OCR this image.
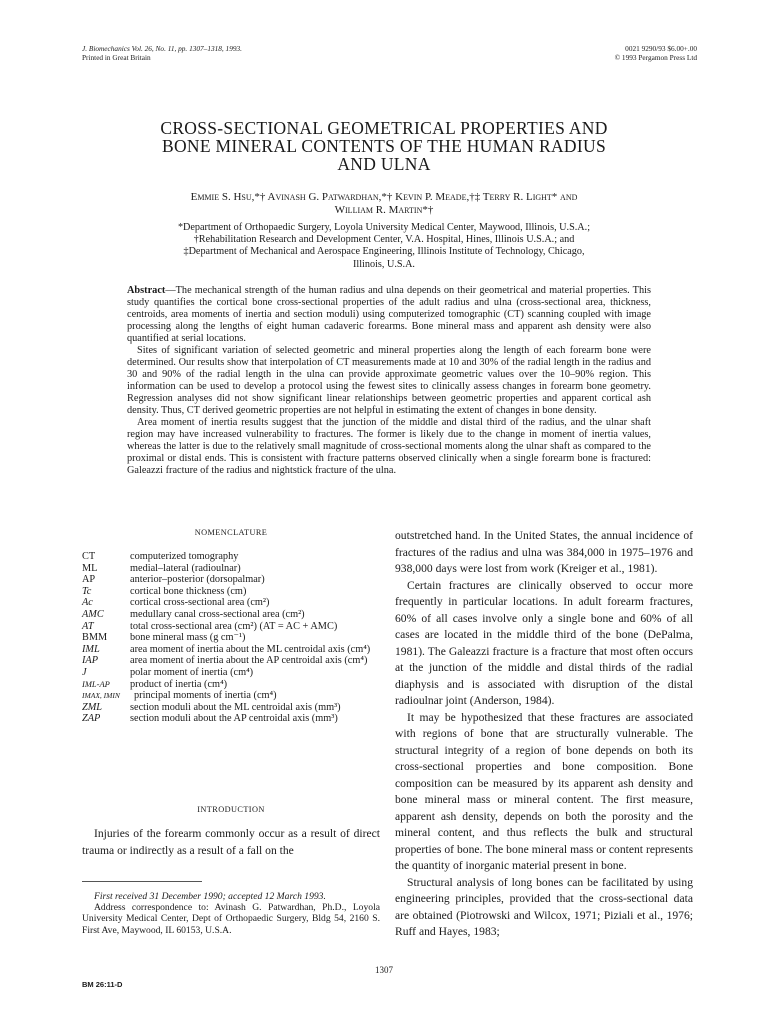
J. Biomechanics Vol. 26, No. 11, pp. 1307–1318, 1993.
Printed in Great Britain
0021 9290/93 $6.00+.00
© 1993 Pergamon Press Ltd
CROSS-SECTIONAL GEOMETRICAL PROPERTIES AND
BONE MINERAL CONTENTS OF THE HUMAN RADIUS
AND ULNA
Emmie S. Hsu,*† Avinash G. Patwardhan,*† Kevin P. Meade,†‡ Terry R. Light* and
William R. Martin*†
*Department of Orthopaedic Surgery, Loyola University Medical Center, Maywood, Illinois, U.S.A.;
†Rehabilitation Research and Development Center, V.A. Hospital, Hines, Illinois U.S.A.; and
‡Department of Mechanical and Aerospace Engineering, Illinois Institute of Technology, Chicago,
Illinois, U.S.A.

Abstract—The mechanical strength of the human radius and ulna depends on their geometrical and material properties. This study quantifies the cortical bone cross-sectional properties of the adult radius and ulna (cross-sectional area, thickness, centroids, area moments of inertia and section moduli) using computerized tomographic (CT) scanning coupled with image processing along the lengths of eight human cadaveric forearms. Bone mineral mass and apparent ash density were also quantified at serial locations.

Sites of significant variation of selected geometric and mineral properties along the length of each forearm bone were determined. Our results show that interpolation of CT measurements made at 10 and 30% of the radial length in the radius and 30 and 90% of the radial length in the ulna can provide approximate geometric values over the 10–90% region. This information can be used to develop a protocol using the fewest sites to clinically assess changes in forearm bone geometry. Regression analyses did not show significant linear relationships between geometric properties and apparent cortical ash density. Thus, CT derived geometric properties are not helpful in estimating the extent of changes in bone density.

Area moment of inertia results suggest that the junction of the middle and distal third of the radius, and the ulnar shaft region may have increased vulnerability to fractures. The former is likely due to the change in moment of inertia values, whereas the latter is due to the relatively small magnitude of cross-sectional moments along the ulnar shaft as compared to the proximal or distal ends. This is consistent with fracture patterns observed clinically when a single forearm bone is fractured: Galeazzi fracture of the radius and nightstick fracture of the ulna.

NOMENCLATURE
CT	computerized tomography
ML	medial–lateral (radioulnar)
AP	anterior–posterior (dorsopalmar)
Tc	cortical bone thickness (cm)
Ac	cortical cross-sectional area (cm²)
AMC	medullary canal cross-sectional area (cm²)
AT	total cross-sectional area (cm²) (AT = AC + AMC)
BMM	bone mineral mass (g cm⁻¹)
IML	area moment of inertia about the ML centroidal axis (cm⁴)
IAP	area moment of inertia about the AP centroidal axis (cm⁴)
J	polar moment of inertia (cm⁴)
IML-AP	product of inertia (cm⁴)
IMAX, IMIN	principal moments of inertia (cm⁴)
ZML	section moduli about the ML centroidal axis (mm³)
ZAP	section moduli about the AP centroidal axis (mm³)
INTRODUCTION

Injuries of the forearm commonly occur as a result of direct trauma or indirectly as a result of a fall on the

First received 31 December 1990; accepted 12 March 1993.
Address correspondence to: Avinash G. Patwardhan, Ph.D., Loyola University Medical Center, Dept of Orthopaedic Surgery, Bldg 54, 2160 S. First Ave, Maywood, IL 60153, U.S.A.

outstretched hand. In the United States, the annual incidence of fractures of the radius and ulna was 384,000 in 1975–1976 and 938,000 days were lost from work (Kreiger et al., 1981).

Certain fractures are clinically observed to occur more frequently in particular locations. In adult forearm fractures, 60% of all cases involve only a single bone and 60% of all cases are located in the middle third of the bone (DePalma, 1981). The Galeazzi fracture is a fracture that most often occurs at the junction of the middle and distal thirds of the radial diaphysis and is associated with disruption of the distal radioulnar joint (Anderson, 1984).

It may be hypothesized that these fractures are associated with regions of bone that are structurally vulnerable. The structural integrity of a region of bone depends on both its cross-sectional properties and bone composition. Bone composition can be measured by its apparent ash density and bone mineral mass or mineral content. The first measure, apparent ash density, depends on both the porosity and the mineral content, and thus reflects the bulk and structural properties of bone. The bone mineral mass or content represents the quantity of inorganic material present in bone.

Structural analysis of long bones can be facilitated by using engineering principles, provided that the cross-sectional data are obtained (Piotrowski and Wilcox, 1971; Piziali et al., 1976; Ruff and Hayes, 1983;

1307
BM 26:11-D
